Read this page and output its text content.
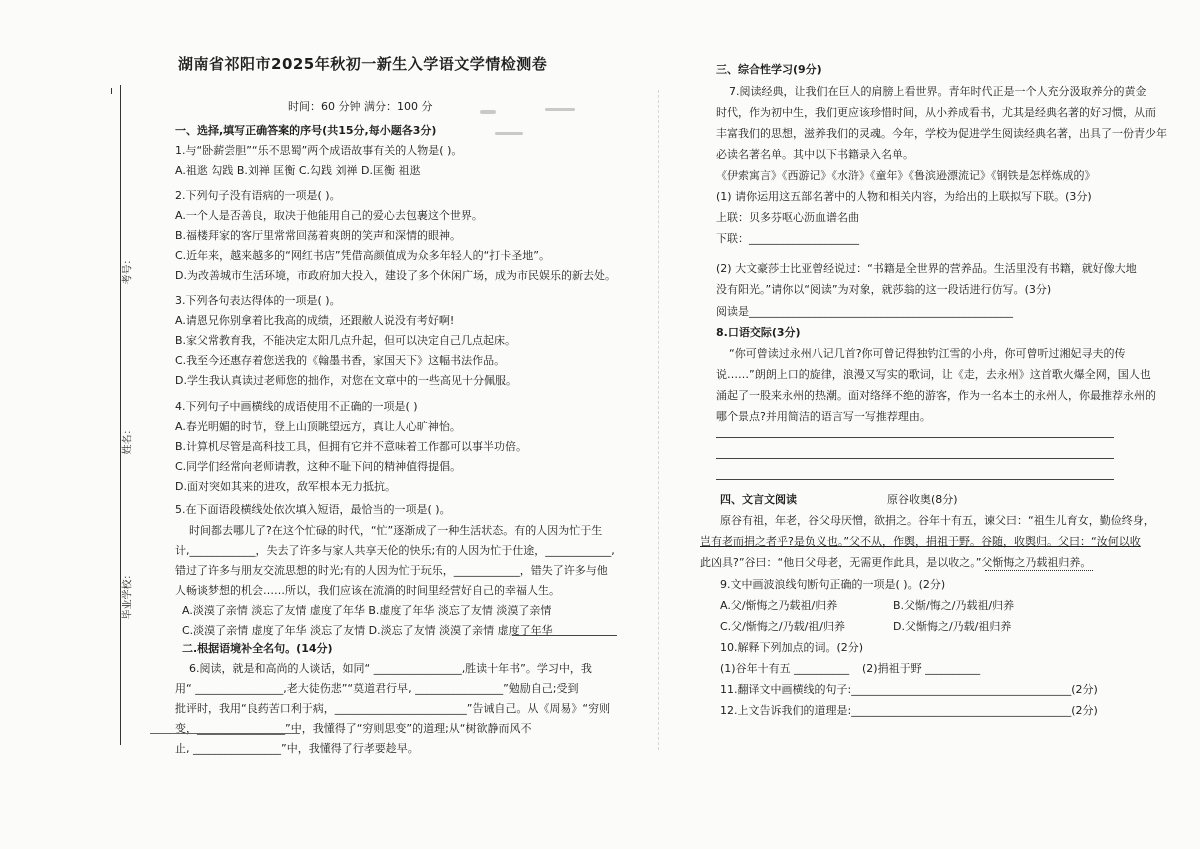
考号：
姓名：
毕业学校：
湖南省祁阳市2025年秋初一新生入学语文学情检测卷
时间：60 分钟 满分：100 分
一、选择,填写正确答案的序号(共15分,每小题各3分)
1.与“卧薪尝胆”“乐不思蜀”两个成语故事有关的人物是( )。
A.祖逖 勾践 B.刘禅 匡衡 C.勾践 刘禅 D.匡衡 祖逖
2.下列句子没有语病的一项是( )。
A.一个人是否善良，取决于他能用自己的爱心去包裹这个世界。
B.福楼拜家的客厅里常常回荡着爽朗的笑声和深情的眼神。
C.近年来，越来越多的“网红书店”凭借高颜值成为众多年轻人的“打卡圣地”。
D.为改善城市生活环境，市政府加大投入，建设了多个休闲广场，成为市民娱乐的新去处。
3.下列各句表达得体的一项是( )。
A.请恩兄你别拿着比我高的成绩，还跟敝人说没有考好啊!
B.家父常教育我，不能决定太阳几点升起，但可以决定自己几点起床。
C.我至今还惠存着您送我的《翰墨书香，家国天下》这幅书法作品。
D.学生我认真读过老师您的拙作，对您在文章中的一些高见十分佩服。
4.下列句子中画横线的成语使用不正确的一项是( )
A.春光明媚的时节，登上山顶眺望远方，真让人心旷神怡。
B.计算机尽管是高科技工具，但拥有它并不意味着工作都可以事半功倍。
C.同学们经常向老师请教，这种不耻下问的精神值得提倡。
D.面对突如其来的进攻，敌军根本无力抵抗。
5.在下面语段横线处依次填入短语，最恰当的一项是( )。
时间都去哪儿了?在这个忙碌的时代，“忙”逐渐成了一种生活状态。有的人因为忙于生
计,____________，失去了许多与家人共享天伦的快乐;有的人因为忙于仕途，____________,
错过了许多与朋友交流思想的时光;有的人因为忙于玩乐，____________，错失了许多与他
人畅谈梦想的机会……所以，我们应该在流淌的时间里经营好自己的幸福人生。
A.淡漠了亲情 淡忘了友情 虚度了年华 B.虚度了年华 淡忘了友情 淡漠了亲情
C.淡漠了亲情 虚度了年华 淡忘了友情 D.淡忘了友情 淡漠了亲情 虚度了年华
二.根据语境补全名句。(14分)
6.阅读，就是和高尚的人谈话，如同“ ________________,胜读十年书”。学习中，我
用“ ________________,老大徒伤悲”“莫道君行早, ________________”勉励自己;受到
批评时，我用“良药苦口利于病，________________________”告诫自己。从《周易》“穷则
变，________________”中，我懂得了“穷则思变”的道理;从“树欲静而风不
止, ________________”中，我懂得了行孝要趁早。
三、综合性学习(9分)
7.阅读经典，让我们在巨人的肩膀上看世界。青年时代正是一个人充分汲取养分的黄金
时代，作为初中生，我们更应该珍惜时间，从小养成看书，尤其是经典名著的好习惯，从而
丰富我们的思想，滋养我们的灵魂。今年，学校为促进学生阅读经典名著，出具了一份青少年
必读名著名单。其中以下书籍录入名单。
《伊索寓言》《西游记》《水浒》《童年》《鲁滨逊漂流记》《钢铁是怎样炼成的》
(1) 请你运用这五部名著中的人物和相关内容，为给出的上联拟写下联。(3分)
上联：贝多芬呕心沥血谱名曲
下联：____________________
(2) 大文豪莎士比亚曾经说过：“书籍是全世界的营养品。生活里没有书籍，就好像大地
没有阳光。”请你以“阅读”为对象，就莎翁的这一段话进行仿写。(3分)
阅读是________________________________________________
8.口语交际(3分)
“你可曾读过永州八记几首?你可曾记得独钓江雪的小舟，你可曾听过湘妃寻夫的传
说……”朗朗上口的旋律，浪漫又写实的歌词，让《走，去永州》这首歌火爆全网，国人也
涌起了一股来永州的热潮。面对络绎不绝的游客，作为一名本土的永州人，你最推荐永州的
哪个景点?并用简洁的语言写一写推荐理由。
四、文言文阅读	原谷收奥(8分)
原谷有祖，年老，谷父母厌憎，欲捐之。谷年十有五，谏父曰：“祖生儿育女，勤俭终身，
岂有老而捐之者乎?是负义也。”父不从，作舆，捐祖于野。谷随，收舆归。父曰：“汝何以收
此凶具?”谷曰：“他日父母老，无需更作此具，是以收之。”父惭悔之乃载祖归养。
9.文中画波浪线句断句正确的一项是( )。(2分)
A.父/惭悔之乃载祖/归养	B.父惭/悔之/乃载祖/归养
C.父/惭悔之/乃载/祖/归养	D.父惭悔之/乃载/祖归养
10.解释下列加点的词。(2分)
(1)谷年十有五 __________ (2)捐祖于野 __________
11.翻译文中画横线的句子:________________________________________(2分)
12.上文告诉我们的道理是:________________________________________(2分)
